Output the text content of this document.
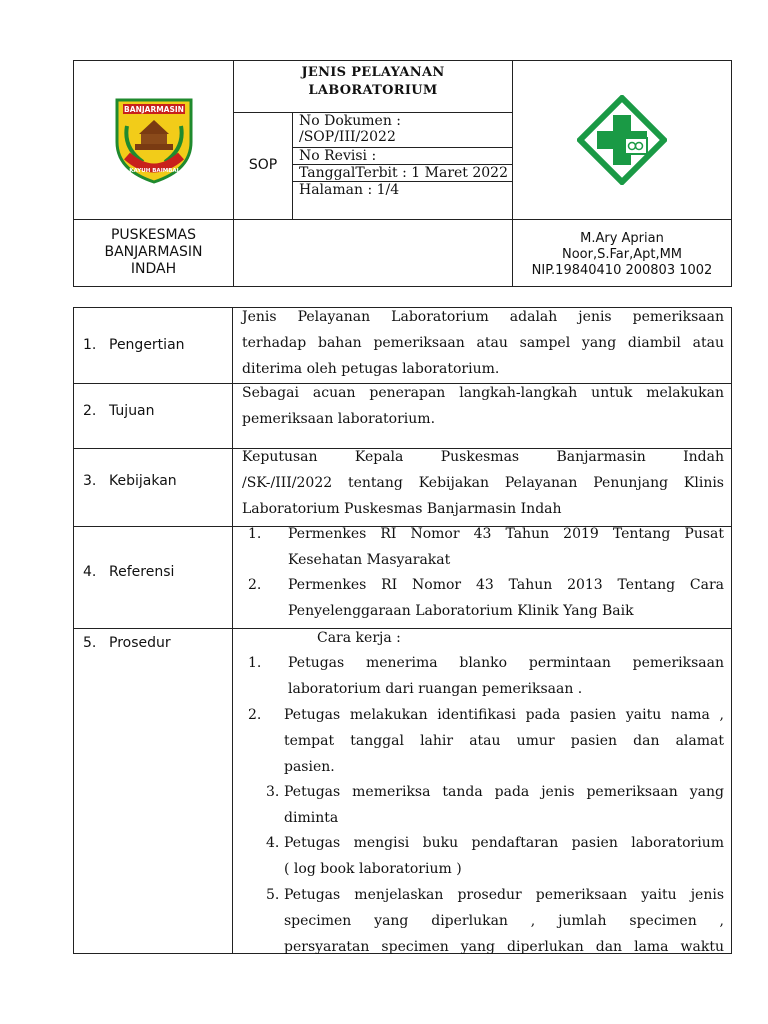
BANJARMASIN
KAYUH BAIMBAI
JENIS PELAYANAN
LABORATORIUM
SOP
No Dokumen :
/SOP/III/2022
No Revisi :
TanggalTerbit : 1 Maret 2022
Halaman : 1/4
PUSKESMAS
BANJARMASIN
INDAH
M.Ary Aprian
Noor,S.Far,Apt,MM
NIP.19840410 200803 1002
1. Pengertian
Jenis Pelayanan Laboratorium adalah jenis pemeriksaan
terhadap bahan pemeriksaan atau sampel yang diambil atau
diterima oleh petugas laboratorium.
2. Tujuan
Sebagai acuan penerapan langkah-langkah untuk melakukan
pemeriksaan laboratorium.
3. Kebijakan
Keputusan Kepala Puskesmas Banjarmasin Indah
/SK-/III/2022 tentang Kebijakan Pelayanan Penunjang Klinis
Laboratorium Puskesmas Banjarmasin Indah
4. Referensi
1. Permenkes RI Nomor 43 Tahun 2019 Tentang Pusat
Kesehatan Masyarakat
2. Permenkes RI Nomor 43 Tahun 2013 Tentang Cara
Penyelenggaraan Laboratorium Klinik Yang Baik
5. Prosedur	Cara kerja :
1. Petugas menerima blanko permintaan pemeriksaan
laboratorium dari ruangan pemeriksaan .
2. Petugas melakukan identifikasi pada pasien yaitu nama ,
tempat tanggal lahir atau umur pasien dan alamat
pasien.
3. Petugas memeriksa tanda pada jenis pemeriksaan yang
diminta
4. Petugas mengisi buku pendaftaran pasien laboratorium
( log book laboratorium )
5. Petugas menjelaskan prosedur pemeriksaan yaitu jenis
specimen yang diperlukan , jumlah specimen ,
persyaratan specimen yang diperlukan dan lama waktu
